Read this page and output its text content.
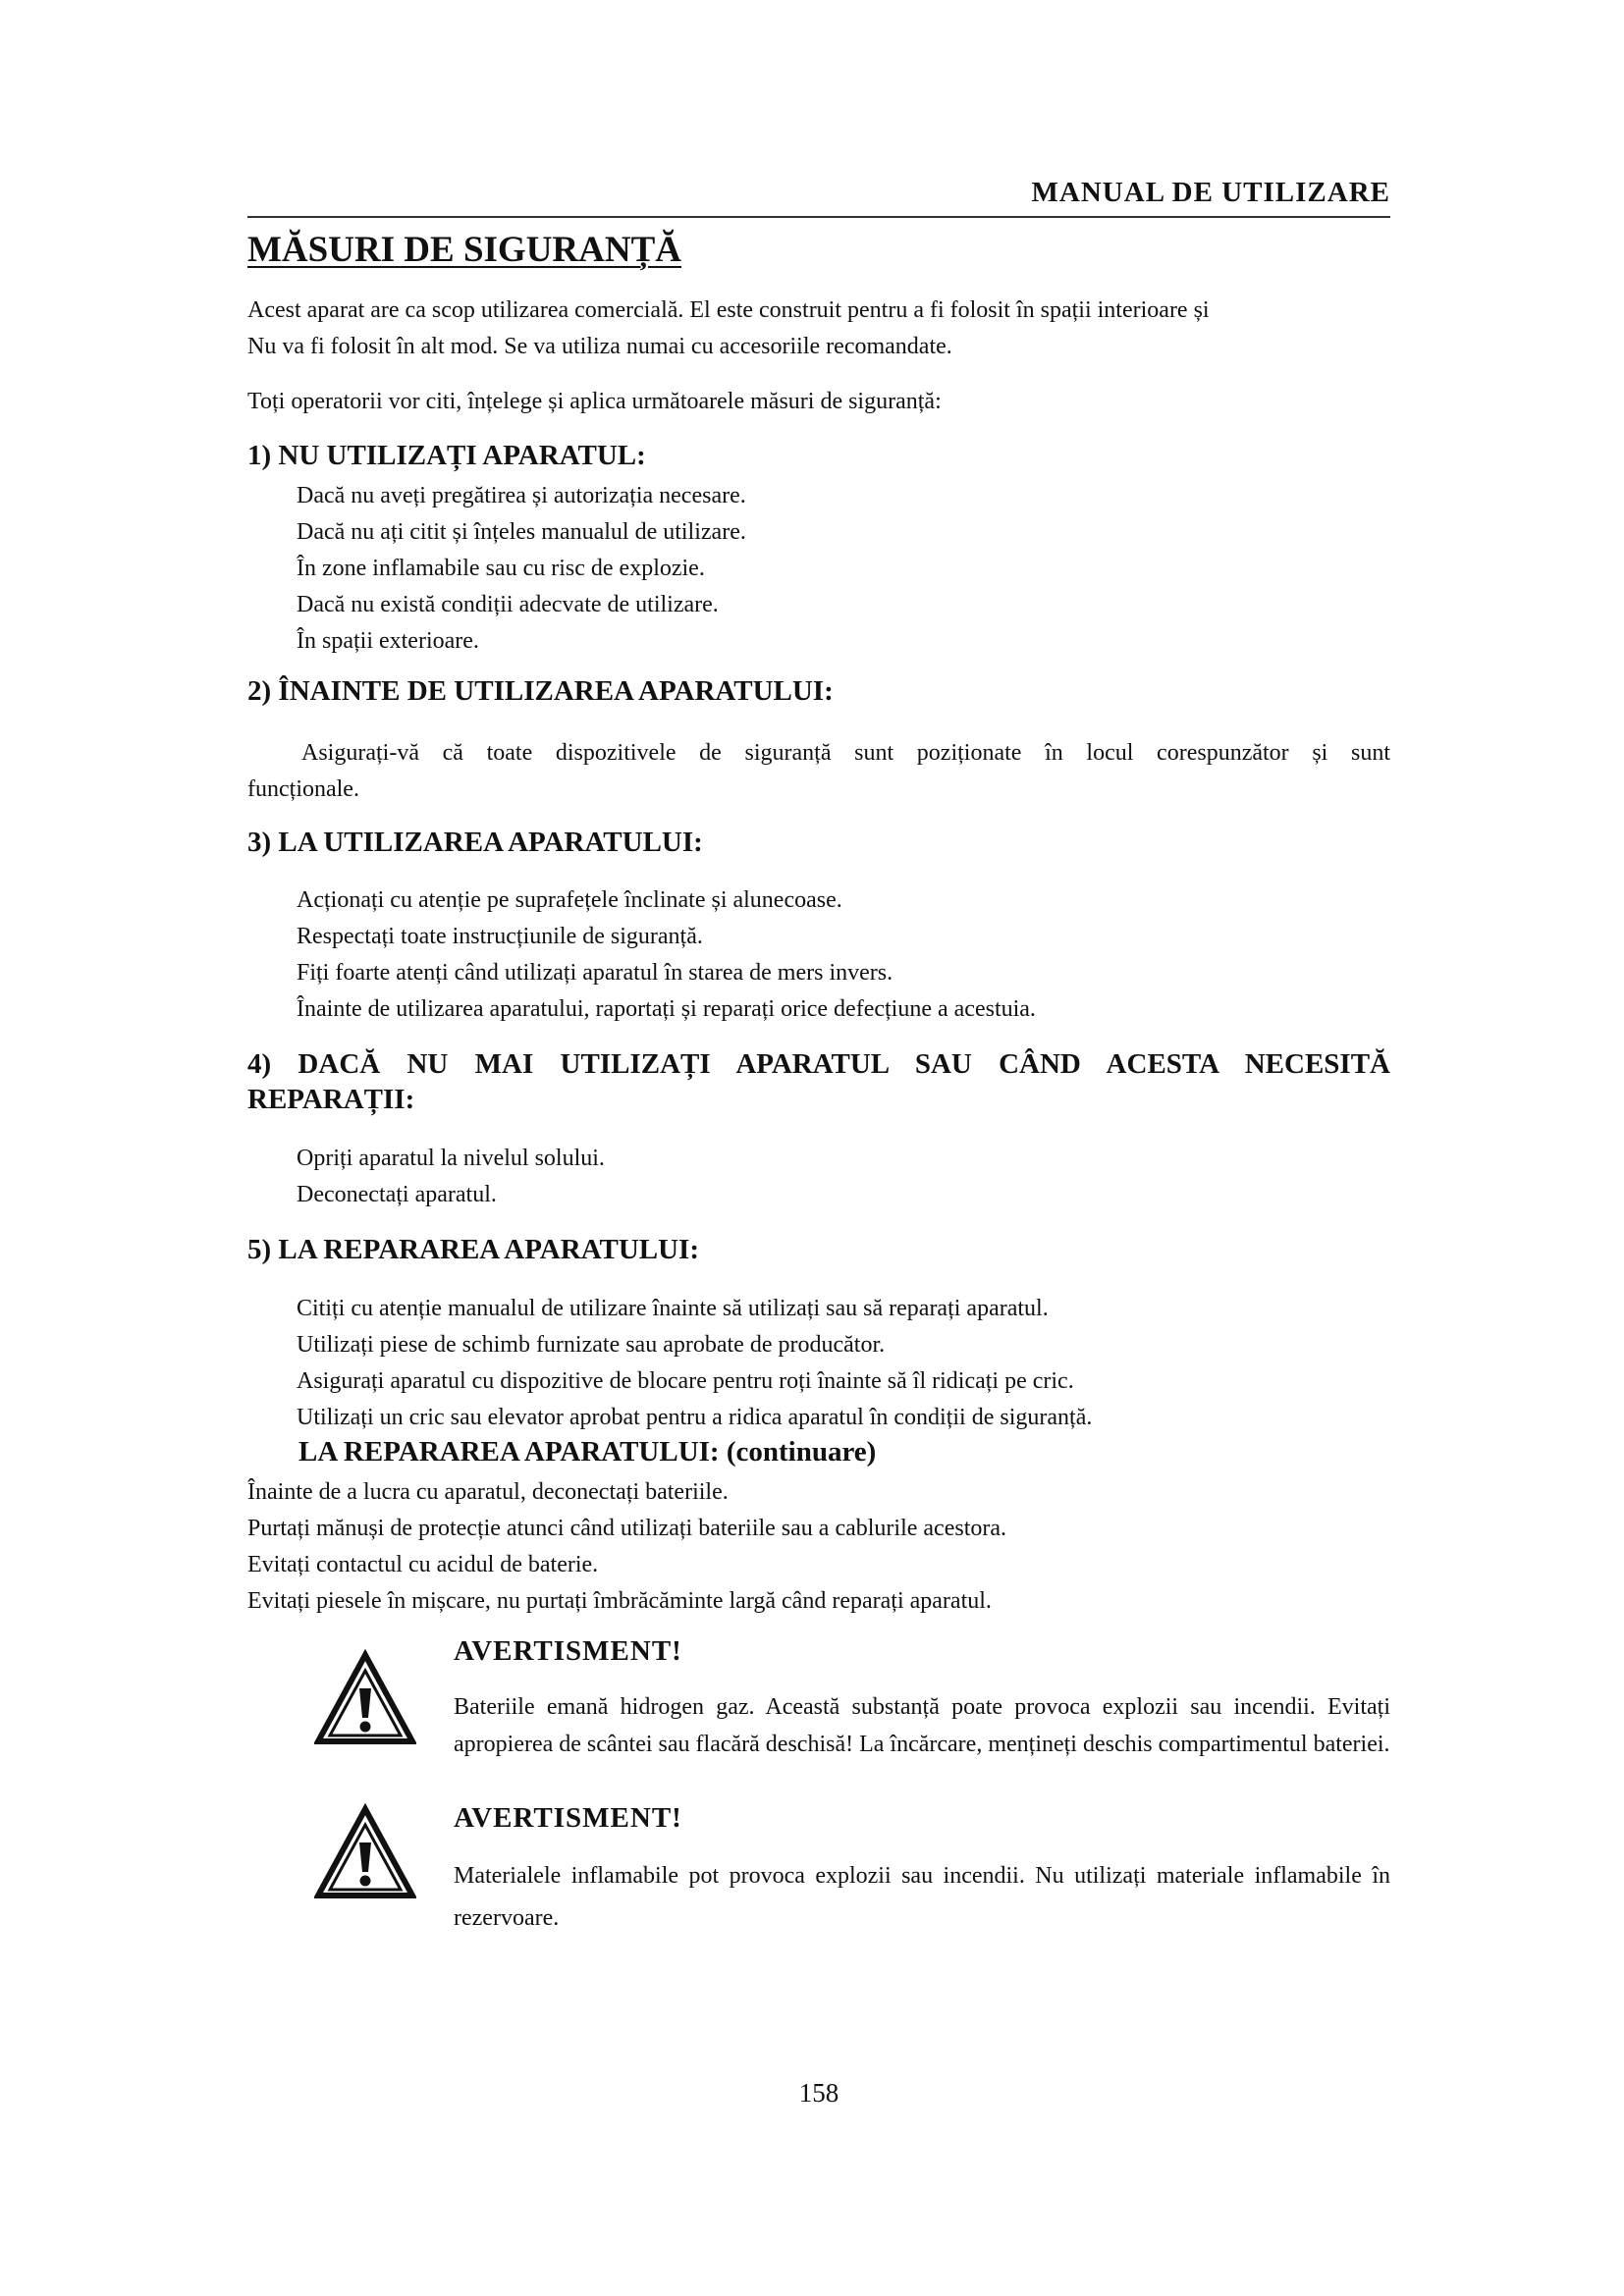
MANUAL DE UTILIZARE
MĂSURI DE SIGURANȚĂ

Acest aparat are ca scop utilizarea comercială. El este construit pentru a fi folosit în spații interioare și

Nu va fi folosit în alt mod. Se va utiliza numai cu accesoriile recomandate.

Toți operatorii vor citi, înțelege și aplica următoarele măsuri de siguranță:

1) NU UTILIZAȚI APARATUL:
Dacă nu aveți pregătirea și autorizația necesare.
Dacă nu ați citit și înțeles manualul de utilizare.
În zone inflamabile sau cu risc de explozie.
Dacă nu există condiții adecvate de utilizare.
În spații exterioare.
2) ÎNAINTE DE UTILIZAREA APARATULUI:

Asigurați-vă că toate dispozitivele de siguranță sunt poziționate în locul corespunzător și sunt

funcționale.

3) LA UTILIZAREA APARATULUI:
Acționați cu atenție pe suprafețele înclinate și alunecoase.
Respectați toate instrucțiunile de siguranță.
Fiți foarte atenți când utilizați aparatul în starea de mers invers.
Înainte de utilizarea aparatului, raportați și reparați orice defecțiune a acestuia.
4) DACĂ NU MAI UTILIZAȚI APARATUL SAU CÂND ACESTA NECESITĂ
REPARAȚII:
Opriți aparatul la nivelul solului.
Deconectați aparatul.
5) LA REPARAREA APARATULUI:
Citiți cu atenție manualul de utilizare înainte să utilizați sau să reparați aparatul.
Utilizați piese de schimb furnizate sau aprobate de producător.
Asigurați aparatul cu dispozitive de blocare pentru roți înainte să îl ridicați pe cric.
Utilizați un cric sau elevator aprobat pentru a ridica aparatul în condiții de siguranță.
LA REPARAREA APARATULUI: (continuare)
Înainte de a lucra cu aparatul, deconectați bateriile.
Purtați mănuși de protecție atunci când utilizați bateriile sau a cablurile acestora.
Evitați contactul cu acidul de baterie.
Evitați piesele în mișcare, nu purtați îmbrăcăminte largă când reparați aparatul.
AVERTISMENT!

Bateriile emană hidrogen gaz. Această substanță poate provoca explozii sau incendii. Evitați apropierea de scântei sau flacără deschisă! La încărcare, mențineți deschis compartimentul bateriei.

AVERTISMENT!

Materialele inflamabile pot provoca explozii sau incendii. Nu utilizați materiale inflamabile în rezervoare.

158
